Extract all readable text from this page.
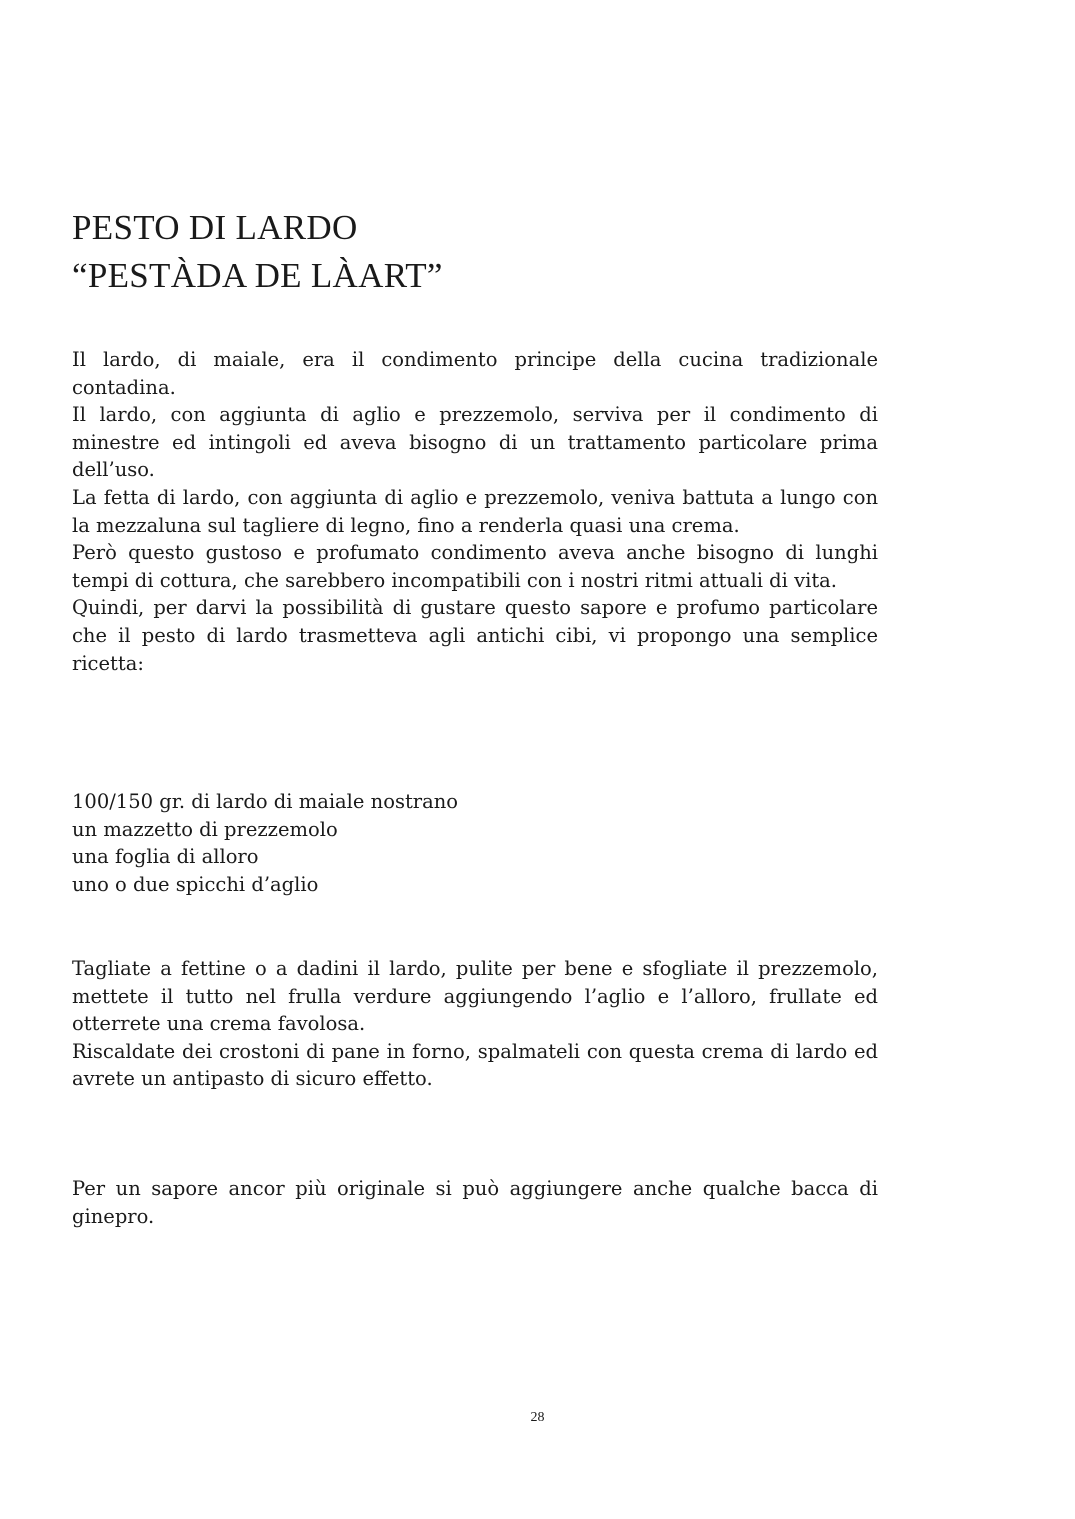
PESTO DI LARDO
“PESTÀDA DE LÀART”
Il lardo, di maiale, era il condimento principe della cucina tradizionale contadina.
Il lardo, con aggiunta di aglio e prezzemolo, serviva per il condimento di minestre ed intingoli ed aveva bisogno di un trattamento particolare prima dell’uso.
La fetta di lardo, con aggiunta di aglio e prezzemolo, veniva battuta a lungo con la mezzaluna sul tagliere di legno, fino a renderla quasi una crema.
Però questo gustoso e profumato condimento aveva anche bisogno di lunghi tempi di cottura, che sarebbero incompatibili con i nostri ritmi attuali di vita.
Quindi, per darvi la possibilità di gustare questo sapore e profumo particolare che il pesto di lardo trasmetteva agli antichi cibi, vi propongo una semplice ricetta:
100/150 gr. di lardo di maiale nostrano
un mazzetto di prezzemolo
una foglia di alloro
uno o due spicchi d’aglio
Tagliate a fettine o a dadini il lardo, pulite per bene e sfogliate il prezzemolo, mettete il tutto nel frulla verdure aggiungendo l’aglio e l’alloro, frullate ed otterrete una crema favolosa.
Riscaldate dei crostoni di pane in forno, spalmateli con questa crema di lardo ed avrete un antipasto di sicuro effetto.
Per un sapore ancor più originale si può aggiungere anche qualche bacca di ginepro.
28
